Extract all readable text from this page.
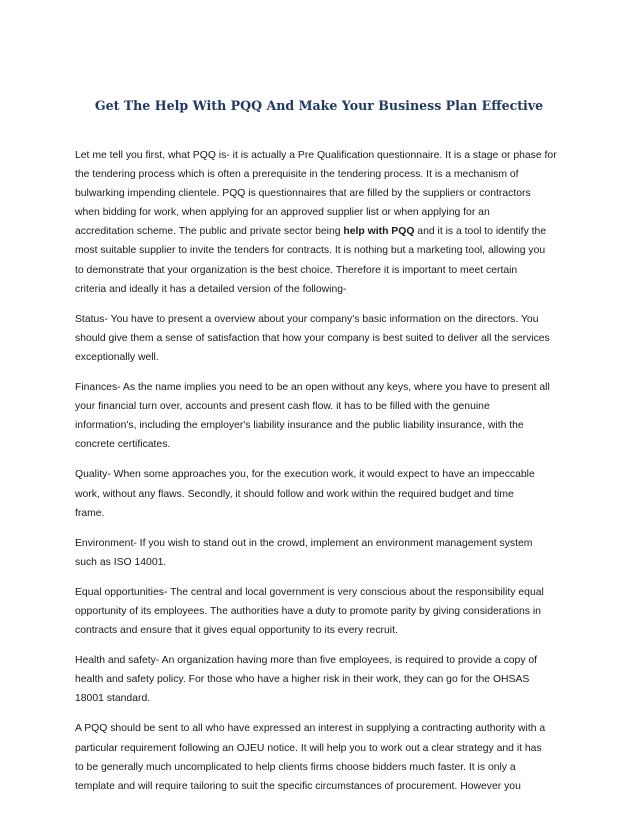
Get The Help With PQQ And Make Your Business Plan Effective

Let me tell you first, what PQQ is- it is actually a Pre Qualification questionnaire. It is a stage or phase for
the tendering process which is often a prerequisite in the tendering process. It is a mechanism of
bulwarking impending clientele. PQQ is questionnaires that are filled by the suppliers or contractors
when bidding for work, when applying for an approved supplier list or when applying for an
accreditation scheme. The public and private sector being help with PQQ and it is a tool to identify the
most suitable supplier to invite the tenders for contracts. It is nothing but a marketing tool, allowing you
to demonstrate that your organization is the best choice. Therefore it is important to meet certain
criteria and ideally it has a detailed version of the following-

Status- You have to present a overview about your company's basic information on the directors. You
should give them a sense of satisfaction that how your company is best suited to deliver all the services
exceptionally well.

Finances- As the name implies you need to be an open without any keys, where you have to present all
your financial turn over, accounts and present cash flow. it has to be filled with the genuine
information's, including the employer's liability insurance and the public liability insurance, with the
concrete certificates.

Quality- When some approaches you, for the execution work, it would expect to have an impeccable
work, without any flaws. Secondly, it should follow and work within the required budget and time
frame.

Environment- If you wish to stand out in the crowd, implement an environment management system
such as ISO 14001.

Equal opportunities- The central and local government is very conscious about the responsibility equal
opportunity of its employees. The authorities have a duty to promote parity by giving considerations in
contracts and ensure that it gives equal opportunity to its every recruit.

Health and safety- An organization having more than five employees, is required to provide a copy of
health and safety policy. For those who have a higher risk in their work, they can go for the OHSAS
18001 standard.

A PQQ should be sent to all who have expressed an interest in supplying a contracting authority with a
particular requirement following an OJEU notice. It will help you to work out a clear strategy and it has
to be generally much uncomplicated to help clients firms choose bidders much faster. It is only a
template and will require tailoring to suit the specific circumstances of procurement. However you
